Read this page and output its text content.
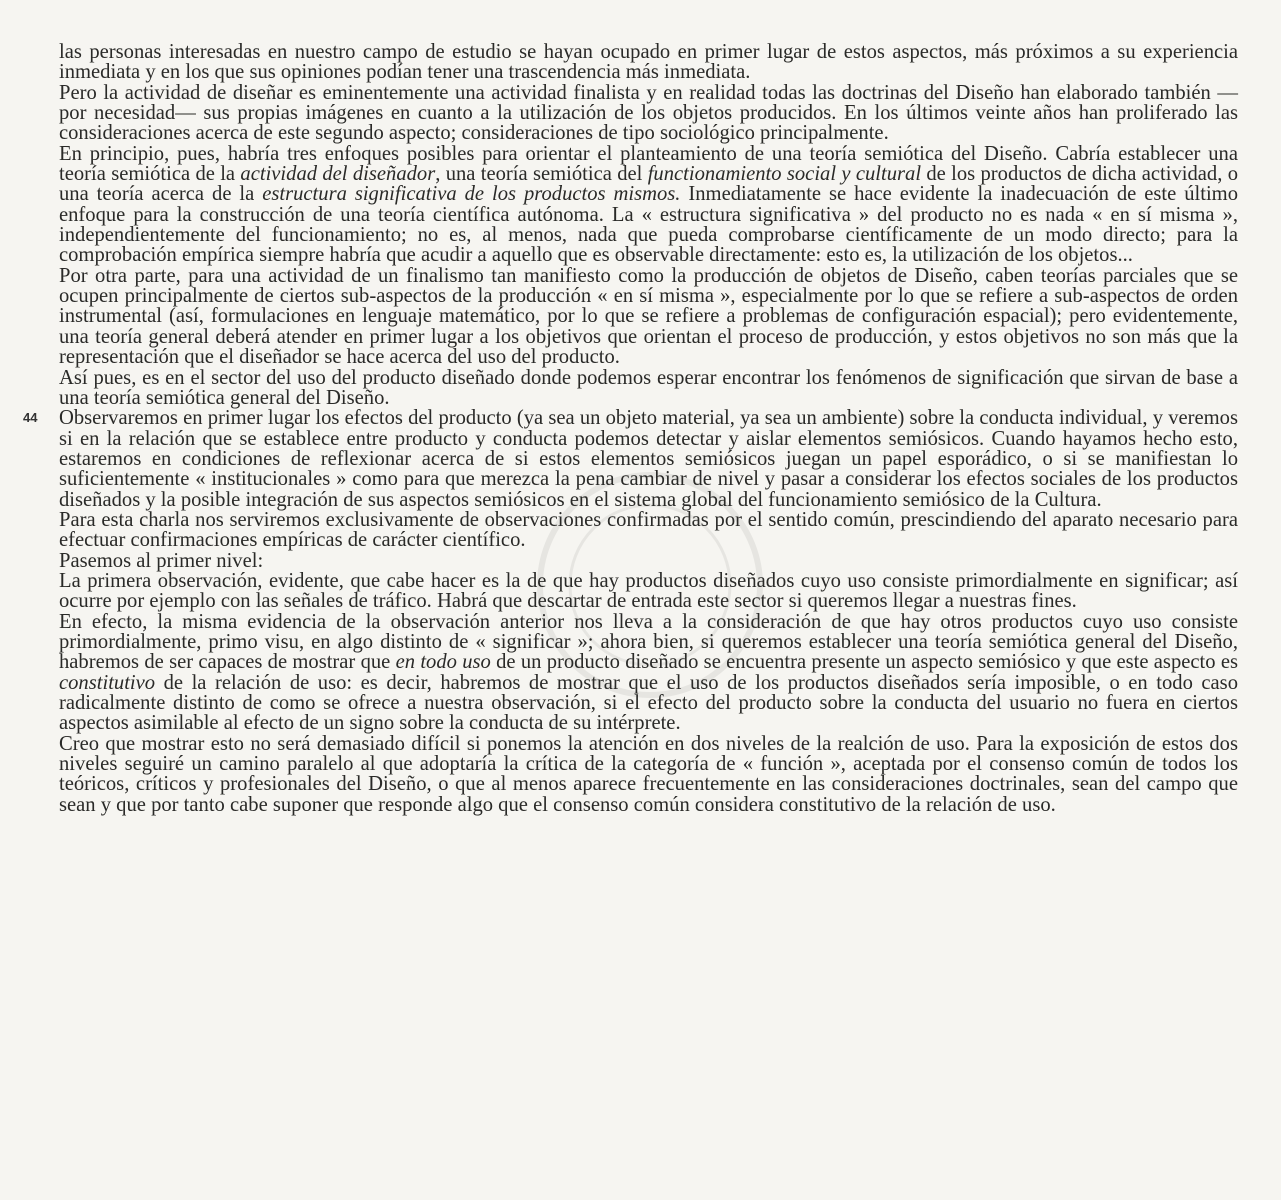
44

las personas interesadas en nuestro campo de estudio se hayan ocupado en primer lugar de estos aspectos, más próximos a su experiencia inmediata y en los que sus opiniones podían tener una trascendencia más inmediata.

Pero la actividad de diseñar es eminentemente una actividad finalista y en realidad todas las doctrinas del Diseño han elaborado también — por necesidad— sus propias imágenes en cuanto a la utilización de los objetos producidos. En los últimos veinte años han proliferado las consideraciones acerca de este segundo aspecto; consideraciones de tipo sociológico principalmente.

En principio, pues, habría tres enfoques posibles para orientar el planteamiento de una teoría semiótica del Diseño. Cabría establecer una teoría semiótica de la actividad del diseñador, una teoría semiótica del functionamiento social y cultural de los productos de dicha actividad, o una teoría acerca de la estructura significativa de los productos mismos. Inmediatamente se hace evidente la inadecuación de este último enfoque para la construcción de una teoría científica autónoma. La « estructura significativa » del producto no es nada « en sí misma », independientemente del funcionamiento; no es, al menos, nada que pueda comprobarse científicamente de un modo directo; para la comprobación empírica siempre habría que acudir a aquello que es observable directamente: esto es, la utilización de los objetos...

Por otra parte, para una actividad de un finalismo tan manifiesto como la producción de objetos de Diseño, caben teorías parciales que se ocupen principalmente de ciertos sub-aspectos de la producción « en sí misma », especialmente por lo que se refiere a sub-aspectos de orden instrumental (así, formulaciones en lenguaje matemático, por lo que se refiere a problemas de configuración espacial); pero evidentemente, una teoría general deberá atender en primer lugar a los objetivos que orientan el proceso de producción, y estos objetivos no son más que la representación que el diseñador se hace acerca del uso del producto.

Así pues, es en el sector del uso del producto diseñado donde podemos esperar encontrar los fenómenos de significación que sirvan de base a una teoría semiótica general del Diseño.

Observaremos en primer lugar los efectos del producto (ya sea un objeto material, ya sea un ambiente) sobre la conducta individual, y veremos si en la relación que se establece entre producto y conducta podemos detectar y aislar elementos semiósicos. Cuando hayamos hecho esto, estaremos en condiciones de reflexionar acerca de si estos elementos semiósicos juegan un papel esporádico, o si se manifiestan lo suficientemente « institucionales » como para que merezca la pena cambiar de nivel y pasar a considerar los efectos sociales de los productos diseñados y la posible integración de sus aspectos semiósicos en el sistema global del funcionamiento semiósico de la Cultura.

Para esta charla nos serviremos exclusivamente de observaciones confirmadas por el sentido común, prescindiendo del aparato necesario para efectuar confirmaciones empíricas de carácter científico.

Pasemos al primer nivel:

La primera observación, evidente, que cabe hacer es la de que hay productos diseñados cuyo uso consiste primordialmente en significar; así ocurre por ejemplo con las señales de tráfico. Habrá que descartar de entrada este sector si queremos llegar a nuestras fines.

En efecto, la misma evidencia de la observación anterior nos lleva a la consideración de que hay otros productos cuyo uso consiste primordialmente, primo visu, en algo distinto de « significar »; ahora bien, si queremos establecer una teoría semiótica general del Diseño, habremos de ser capaces de mostrar que en todo uso de un producto diseñado se encuentra presente un aspecto semiósico y que este aspecto es constitutivo de la relación de uso: es decir, habremos de mostrar que el uso de los productos diseñados sería imposible, o en todo caso radicalmente distinto de como se ofrece a nuestra observación, si el efecto del producto sobre la conducta del usuario no fuera en ciertos aspectos asimilable al efecto de un signo sobre la conducta de su intérprete.

Creo que mostrar esto no será demasiado difícil si ponemos la atención en dos niveles de la realción de uso. Para la exposición de estos dos niveles seguiré un camino paralelo al que adoptaría la crítica de la categoría de « función », aceptada por el consenso común de todos los teóricos, críticos y profesionales del Diseño, o que al menos aparece frecuentemente en las consideraciones doctrinales, sean del campo que sean y que por tanto cabe suponer que responde algo que el consenso común considera constitutivo de la relación de uso.
